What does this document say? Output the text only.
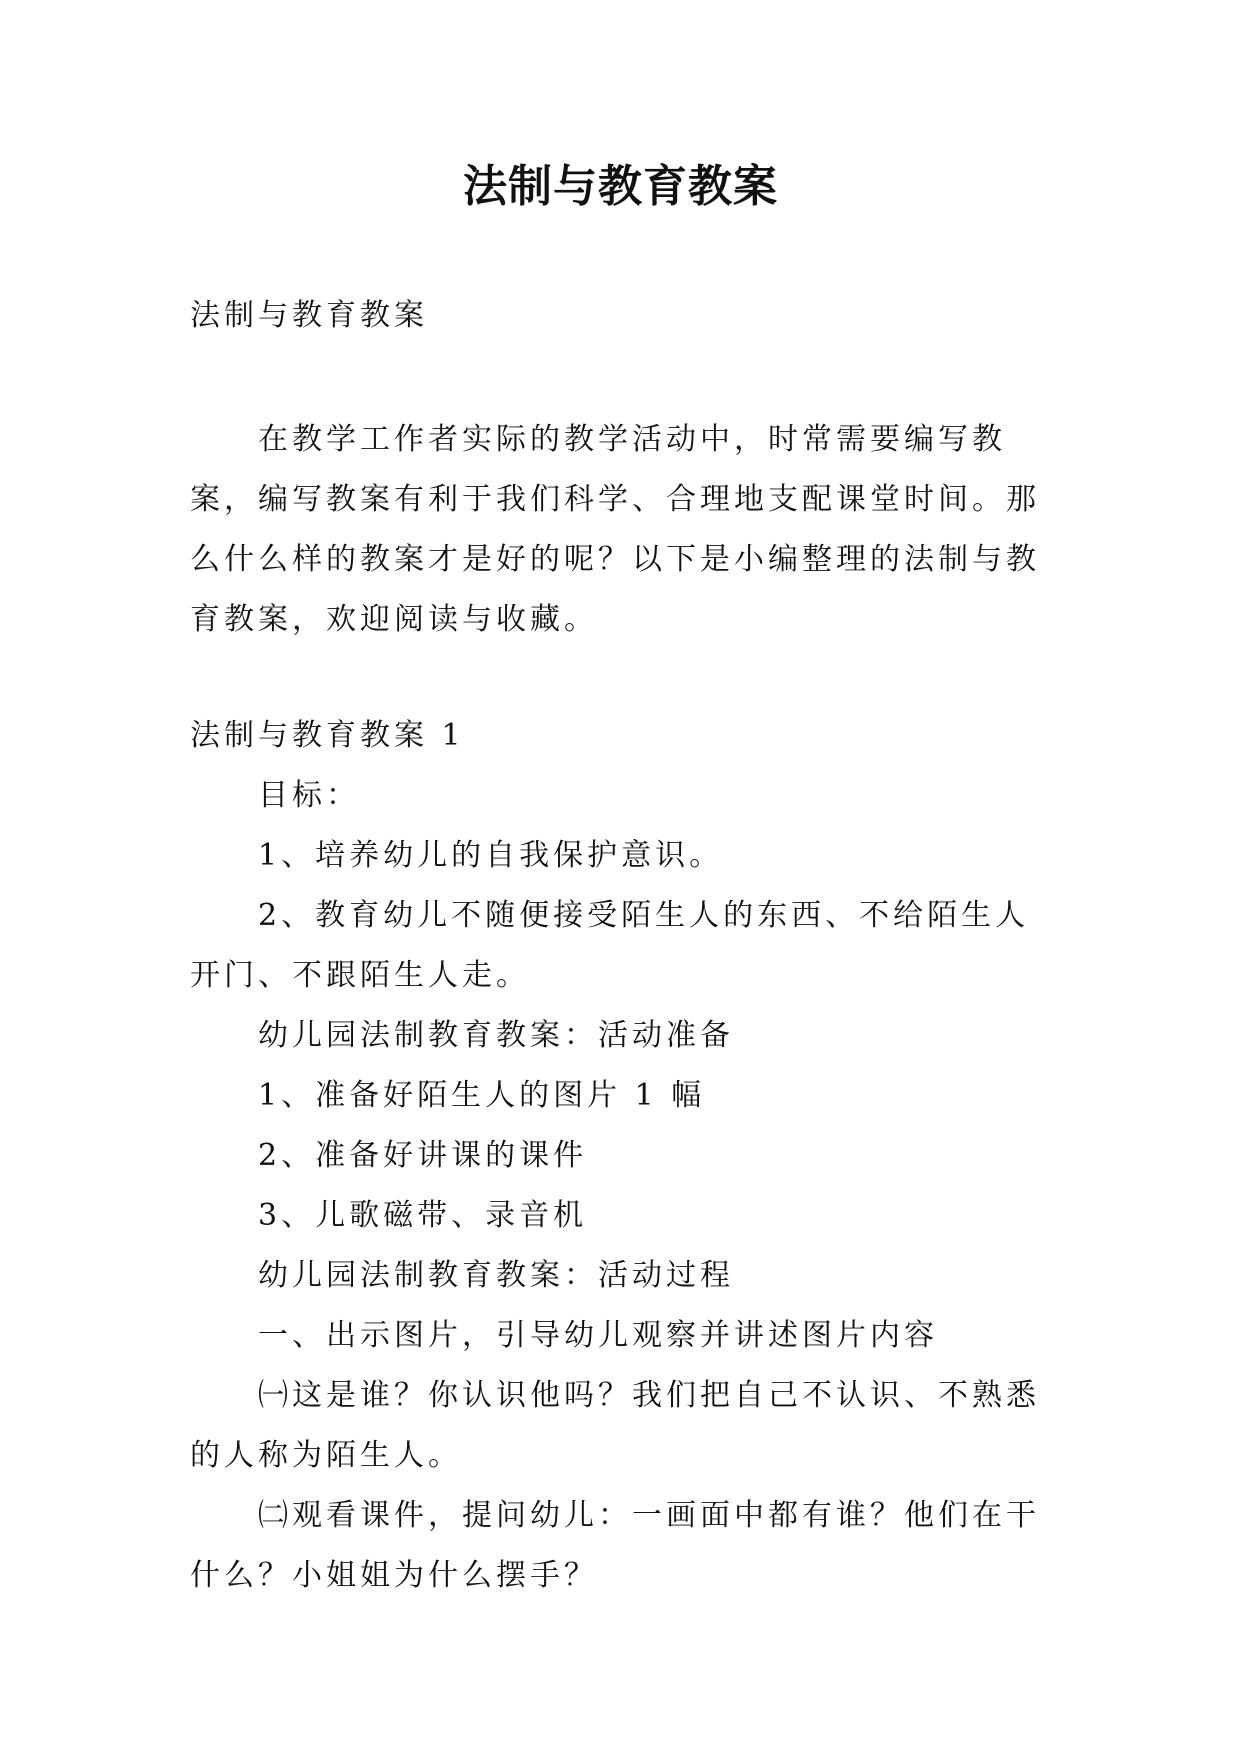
法制与教育教案

法制与教育教案

在教学工作者实际的教学活动中，时常需要编写教案，编写教案有利于我们科学、合理地支配课堂时间。那么什么样的教案才是好的呢？以下是小编整理的法制与教育教案，欢迎阅读与收藏。

法制与教育教案 1

目标：

1、培养幼儿的自我保护意识。

2、教育幼儿不随便接受陌生人的东西、不给陌生人开门、不跟陌生人走。

幼儿园法制教育教案：活动准备

1、准备好陌生人的图片 1 幅

2、准备好讲课的课件

3、儿歌磁带、录音机

幼儿园法制教育教案：活动过程

一、出示图片，引导幼儿观察并讲述图片内容

㈠这是谁？你认识他吗？我们把自己不认识、不熟悉的人称为陌生人。

㈡观看课件，提问幼儿：一画面中都有谁？他们在干什么？小姐姐为什么摆手？
